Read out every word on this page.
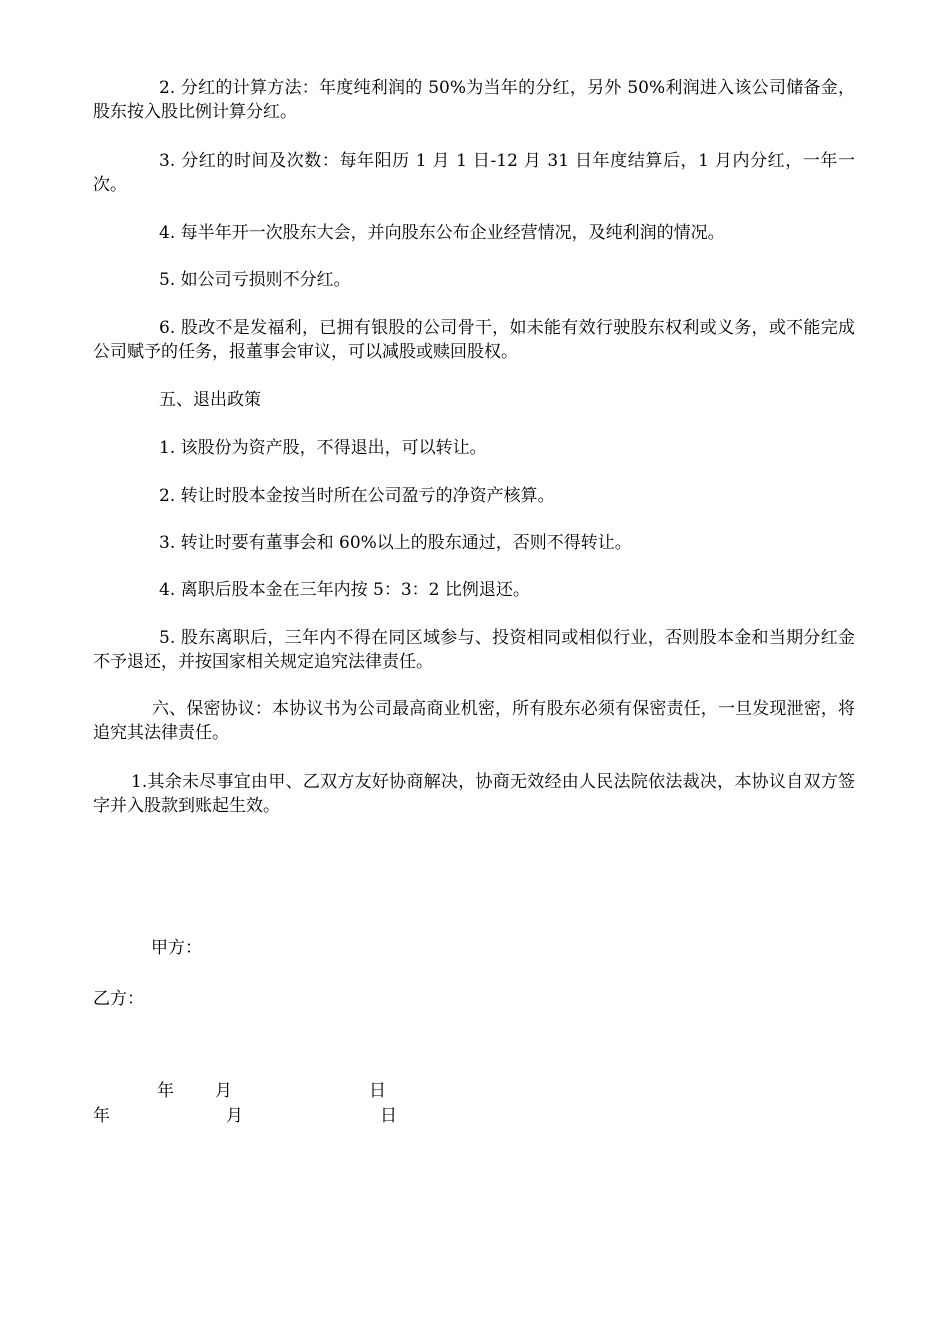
2. 分红的计算方法：年度纯利润的 50%为当年的分红，另外 50%利润进入该公司储备金，股东按入股比例计算分红。
3. 分红的时间及次数：每年阳历 1 月 1 日-12 月 31 日年度结算后，1 月内分红，一年一次。
4. 每半年开一次股东大会，并向股东公布企业经营情况，及纯利润的情况。
5. 如公司亏损则不分红。
6. 股改不是发福利，已拥有银股的公司骨干，如未能有效行驶股东权利或义务，或不能完成公司赋予的任务，报董事会审议，可以减股或赎回股权。
五、退出政策
1. 该股份为资产股，不得退出，可以转让。
2. 转让时股本金按当时所在公司盈亏的净资产核算。
3. 转让时要有董事会和 60%以上的股东通过，否则不得转让。
4. 离职后股本金在三年内按 5：3：2 比例退还。
5. 股东离职后，三年内不得在同区域参与、投资相同或相似行业，否则股本金和当期分红金不予退还，并按国家相关规定追究法律责任。
六、保密协议：本协议书为公司最高商业机密，所有股东必须有保密责任，一旦发现泄密，将追究其法律责任。
1.其余未尽事宜由甲、乙双方友好协商解决，协商无效经由人民法院依法裁决，本协议自双方签字并入股款到账起生效。
甲方：
乙方：
年 月	日
年	月	日
